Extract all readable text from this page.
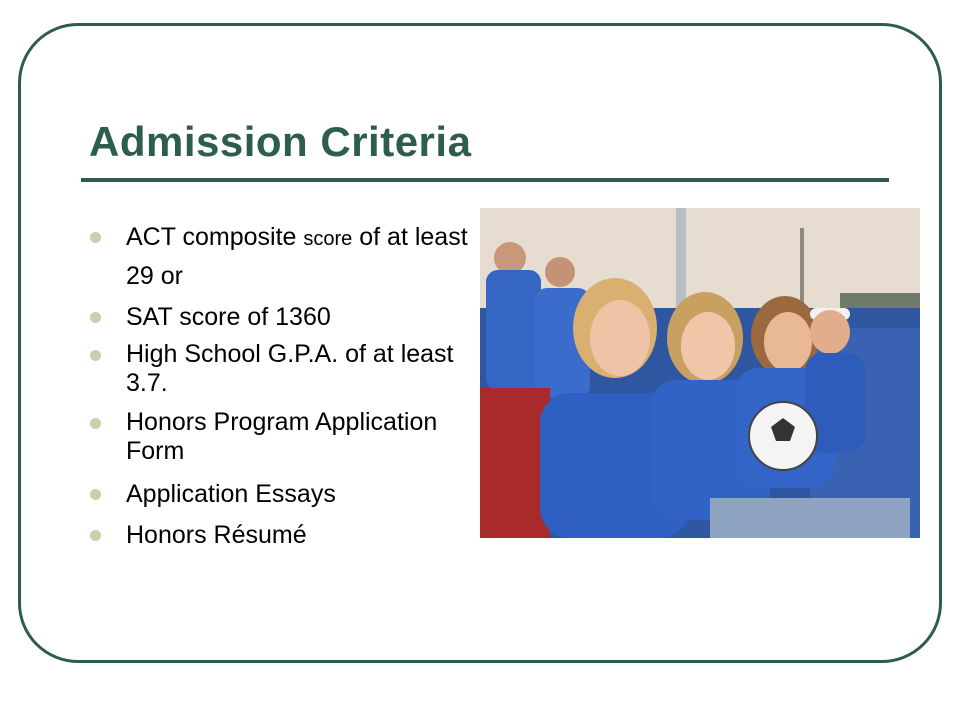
Admission Criteria
ACT composite score of at least 29 or
SAT score of 1360
High School G.P.A. of at least 3.7.
Honors Program Application Form
Application Essays
Honors Résumé
